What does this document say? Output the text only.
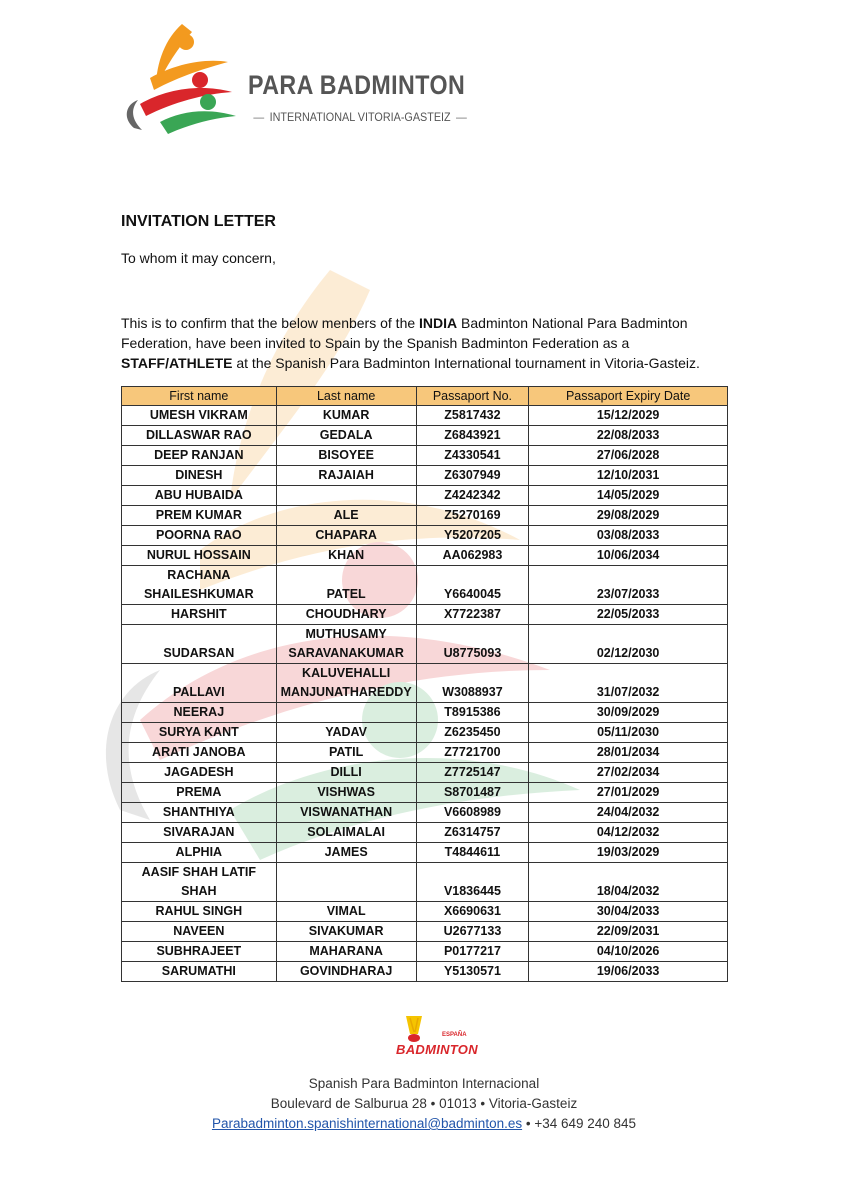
PARA BADMINTON
— INTERNATIONAL VITORIA-GASTEIZ —
INVITATION LETTER
To whom it may concern,
This is to confirm that the below menbers of the INDIA Badminton National Para Badminton Federation, have been invited to Spain by the Spanish Badminton Federation as a STAFF/ATHLETE at the Spanish Para Badminton International tournament in Vitoria-Gasteiz.
First name	Last name	Passaport No.	Passaport Expiry Date
UMESH VIKRAM	KUMAR	Z5817432	15/12/2029
DILLASWAR RAO	GEDALA	Z6843921	22/08/2033
DEEP RANJAN	BISOYEE	Z4330541	27/06/2028
DINESH	RAJAIAH	Z6307949	12/10/2031
ABU HUBAIDA		Z4242342	14/05/2029
PREM KUMAR	ALE	Z5270169	29/08/2029
POORNA RAO	CHAPARA	Y5207205	03/08/2033
NURUL HOSSAIN	KHAN	AA062983	10/06/2034
RACHANA SHAILESHKUMAR	PATEL	Y6640045	23/07/2033
HARSHIT	CHOUDHARY	X7722387	22/05/2033
SUDARSAN	MUTHUSAMY SARAVANAKUMAR	U8775093	02/12/2030
PALLAVI	KALUVEHALLI MANJUNATHAREDDY	W3088937	31/07/2032
NEERAJ		T8915386	30/09/2029
SURYA KANT	YADAV	Z6235450	05/11/2030
ARATI JANOBA	PATIL	Z7721700	28/01/2034
JAGADESH	DILLI	Z7725147	27/02/2034
PREMA	VISHWAS	S8701487	27/01/2029
SHANTHIYA	VISWANATHAN	V6608989	24/04/2032
SIVARAJAN	SOLAIMALAI	Z6314757	04/12/2032
ALPHIA	JAMES	T4844611	19/03/2029
AASIF SHAH LATIF SHAH		V1836445	18/04/2032
RAHUL SINGH	VIMAL	X6690631	30/04/2033
NAVEEN	SIVAKUMAR	U2677133	22/09/2031
SUBHRAJEET	MAHARANA	P0177217	04/10/2026
SARUMATHI	GOVINDHARAJ	Y5130571	19/06/2033
ESPAÑA
BADMINTON
Spanish Para Badminton Internacional
Boulevard de Salburua 28 • 01013 • Vitoria-Gasteiz
Parabadminton.spanishinternational@badminton.es • +34 649 240 845
